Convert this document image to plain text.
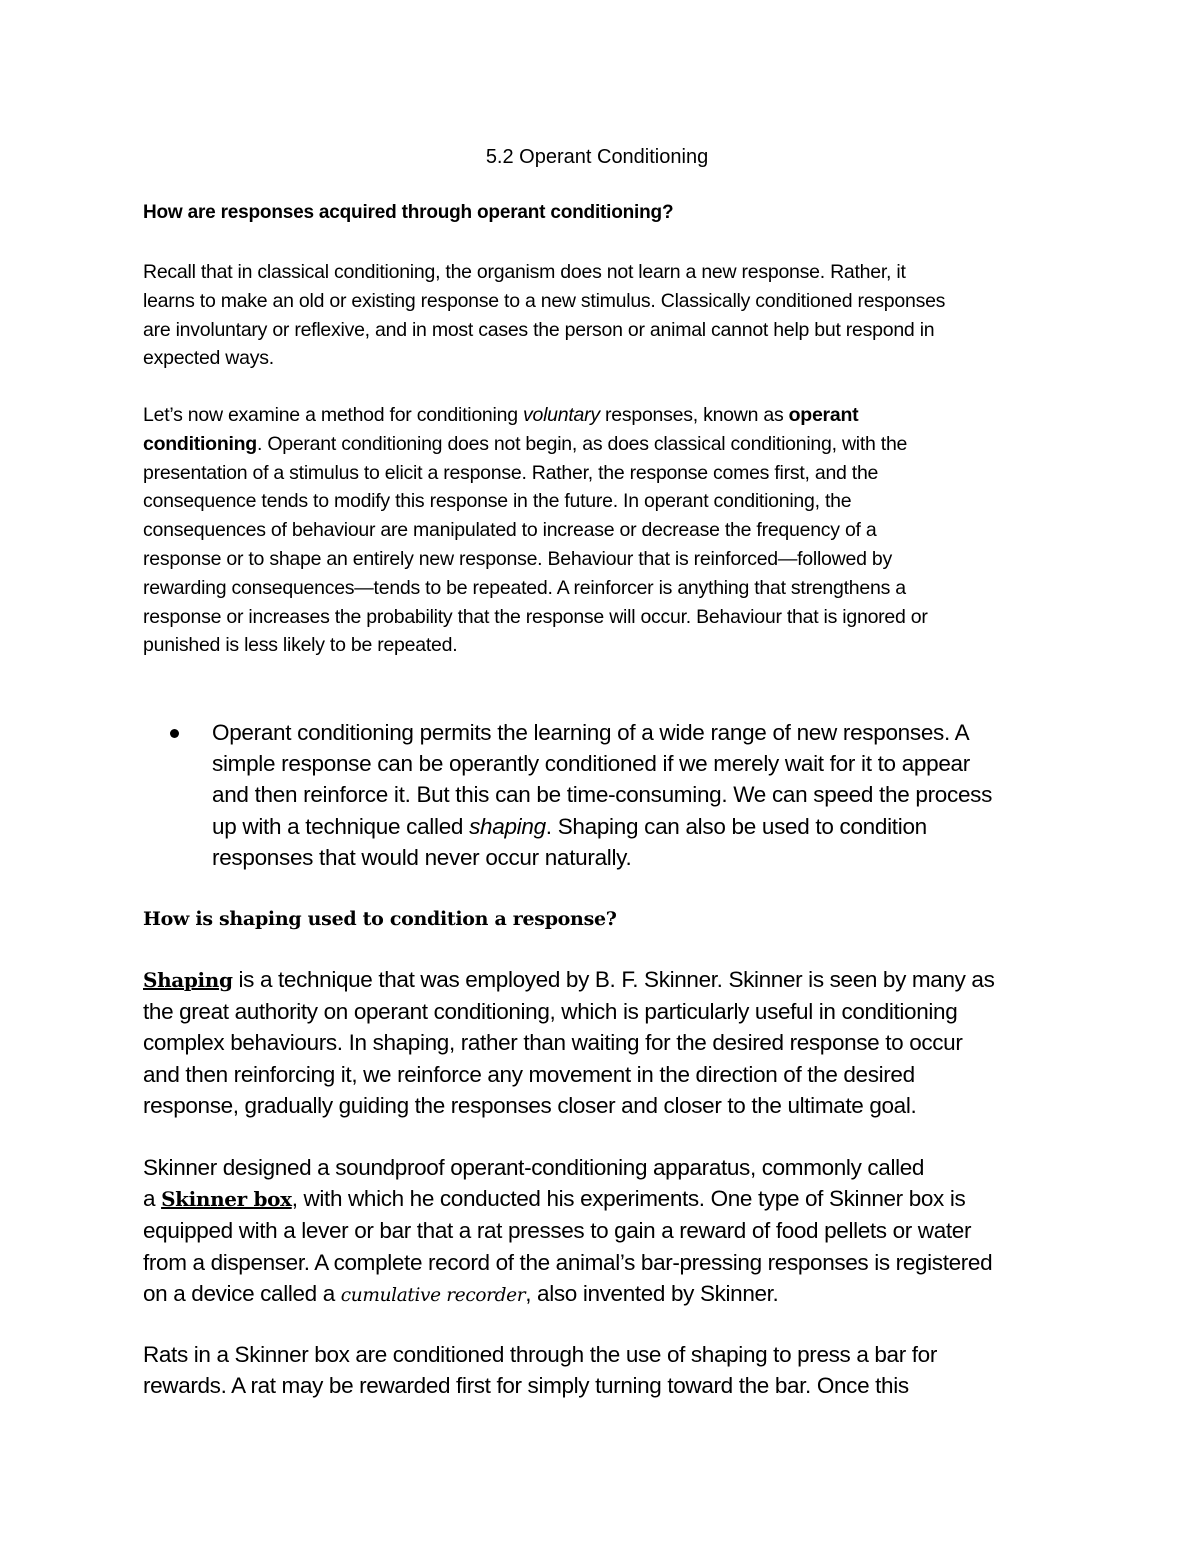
5.2 Operant Conditioning
How are responses acquired through operant conditioning?
Recall that in classical conditioning, the organism does not learn a new response. Rather, it
learns to make an old or existing response to a new stimulus. Classically conditioned responses
are involuntary or reflexive, and in most cases the person or animal cannot help but respond in
expected ways.
Let’s now examine a method for conditioning voluntary responses, known as operant
conditioning. Operant conditioning does not begin, as does classical conditioning, with the
presentation of a stimulus to elicit a response. Rather, the response comes first, and the
consequence tends to modify this response in the future. In operant conditioning, the
consequences of behaviour are manipulated to increase or decrease the frequency of a
response or to shape an entirely new response. Behaviour that is reinforced—followed by
rewarding consequences—tends to be repeated. A reinforcer is anything that strengthens a
response or increases the probability that the response will occur. Behaviour that is ignored or
punished is less likely to be repeated.
Operant conditioning permits the learning of a wide range of new responses. A
simple response can be operantly conditioned if we merely wait for it to appear
and then reinforce it. But this can be time-consuming. We can speed the process
up with a technique called shaping. Shaping can also be used to condition
responses that would never occur naturally.
How is shaping used to condition a response?
Shaping is a technique that was employed by B. F. Skinner. Skinner is seen by many as
the great authority on operant conditioning, which is particularly useful in conditioning
complex behaviours. In shaping, rather than waiting for the desired response to occur
and then reinforcing it, we reinforce any movement in the direction of the desired
response, gradually guiding the responses closer and closer to the ultimate goal.
Skinner designed a soundproof operant-conditioning apparatus, commonly called
a Skinner box, with which he conducted his experiments. One type of Skinner box is
equipped with a lever or bar that a rat presses to gain a reward of food pellets or water
from a dispenser. A complete record of the animal’s bar-pressing responses is registered
on a device called a cumulative recorder, also invented by Skinner.
Rats in a Skinner box are conditioned through the use of shaping to press a bar for
rewards. A rat may be rewarded first for simply turning toward the bar. Once this
